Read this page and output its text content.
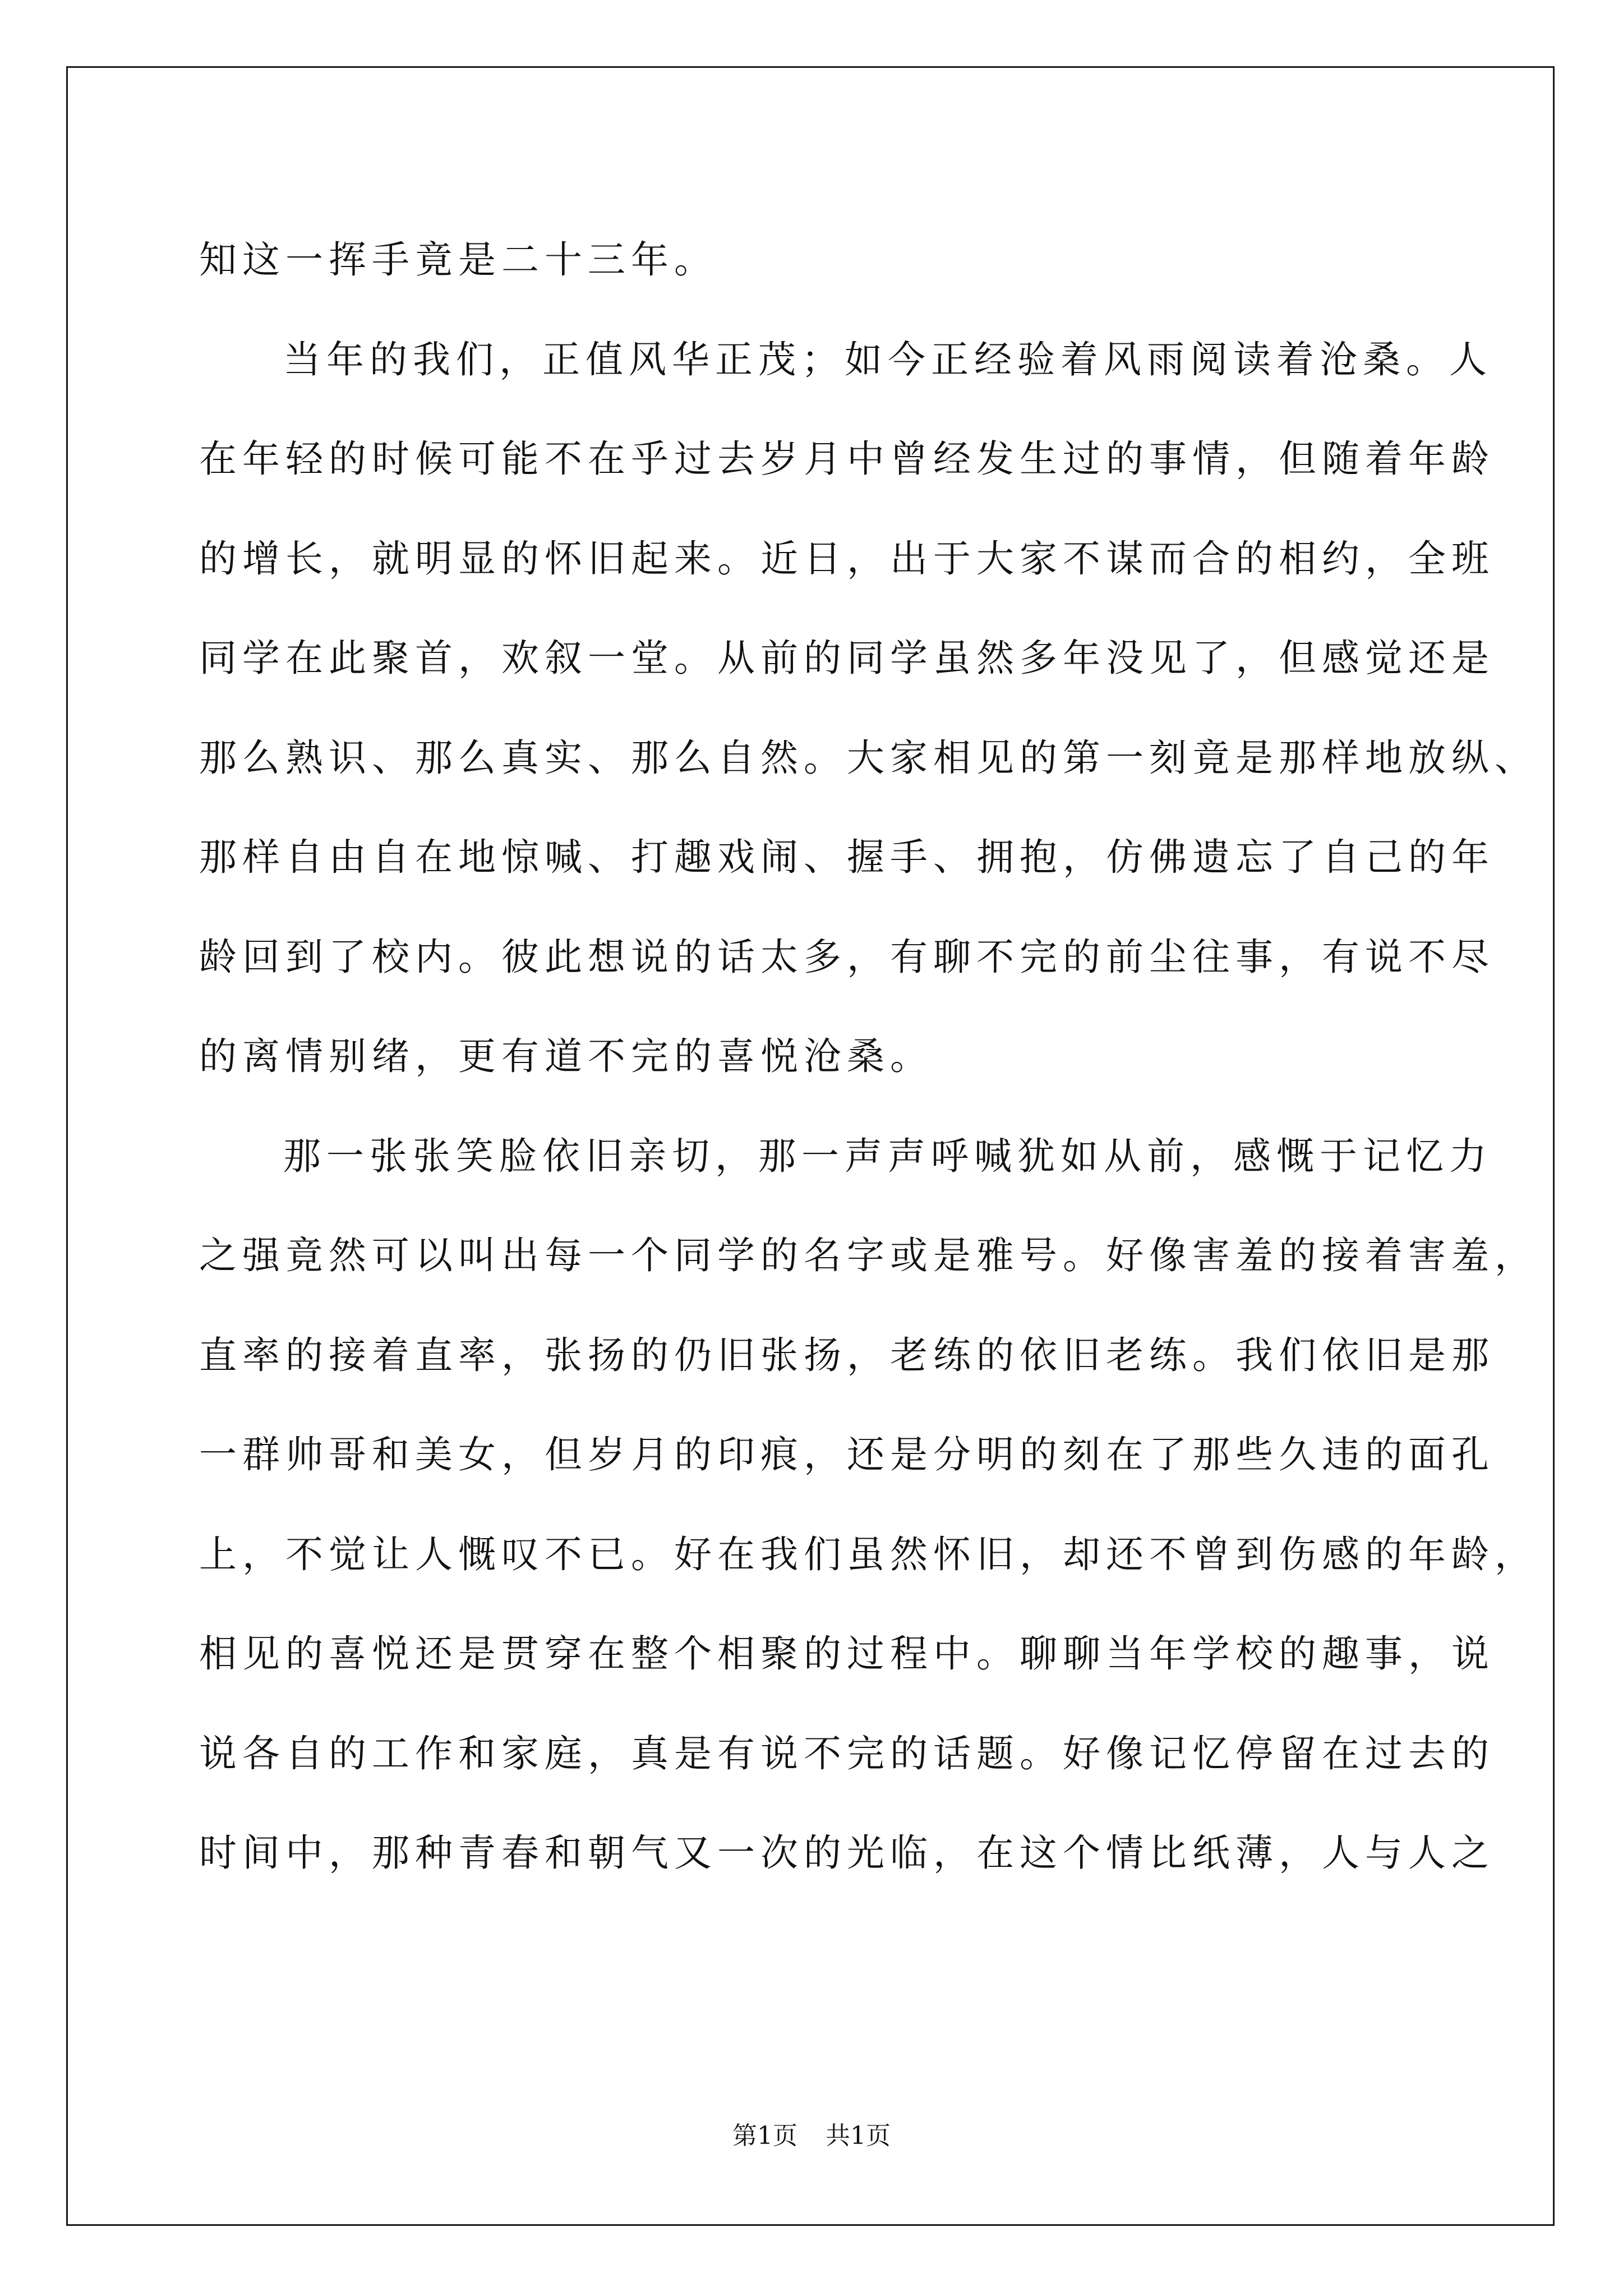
知这一挥手竟是二十三年。
当年的我们，正值风华正茂；如今正经验着风雨阅读着沧桑。人
在年轻的时候可能不在乎过去岁月中曾经发生过的事情，但随着年龄
的增长，就明显的怀旧起来。近日，出于大家不谋而合的相约，全班
同学在此聚首，欢叙一堂。从前的同学虽然多年没见了，但感觉还是
那么熟识、那么真实、那么自然。大家相见的第一刻竟是那样地放纵、
那样自由自在地惊喊、打趣戏闹、握手、拥抱，仿佛遗忘了自己的年
龄回到了校内。彼此想说的话太多，有聊不完的前尘往事，有说不尽
的离情别绪，更有道不完的喜悦沧桑。
那一张张笑脸依旧亲切，那一声声呼喊犹如从前，感慨于记忆力
之强竟然可以叫出每一个同学的名字或是雅号。好像害羞的接着害羞，
直率的接着直率，张扬的仍旧张扬，老练的依旧老练。我们依旧是那
一群帅哥和美女，但岁月的印痕，还是分明的刻在了那些久违的面孔
上，不觉让人慨叹不已。好在我们虽然怀旧，却还不曾到伤感的年龄，
相见的喜悦还是贯穿在整个相聚的过程中。聊聊当年学校的趣事，说
说各自的工作和家庭，真是有说不完的话题。好像记忆停留在过去的
时间中，那种青春和朝气又一次的光临，在这个情比纸薄，人与人之
第1页 共1页
